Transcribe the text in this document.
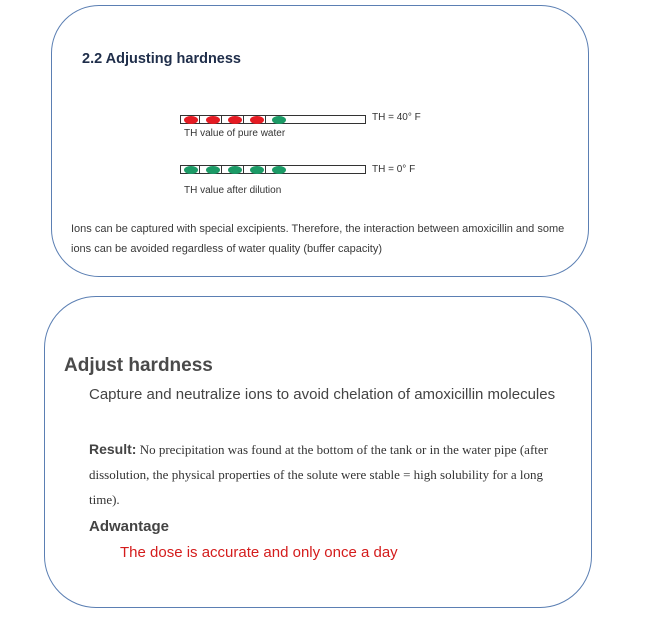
2.2 Adjusting hardness
TH = 40° F
TH value of pure water
TH = 0° F
TH value after dilution
Ions can be captured with special excipients. Therefore, the interaction between amoxicillin and some ions can be avoided regardless of water quality (buffer capacity)
Adjust hardness
Capture and neutralize ions to avoid chelation of amoxicillin molecules
Result: No precipitation was found at the bottom of the tank or in the water pipe (after dissolution, the physical properties of the solute were stable = high solubility for a long time).
Adwantage
The dose is accurate and only once a day
